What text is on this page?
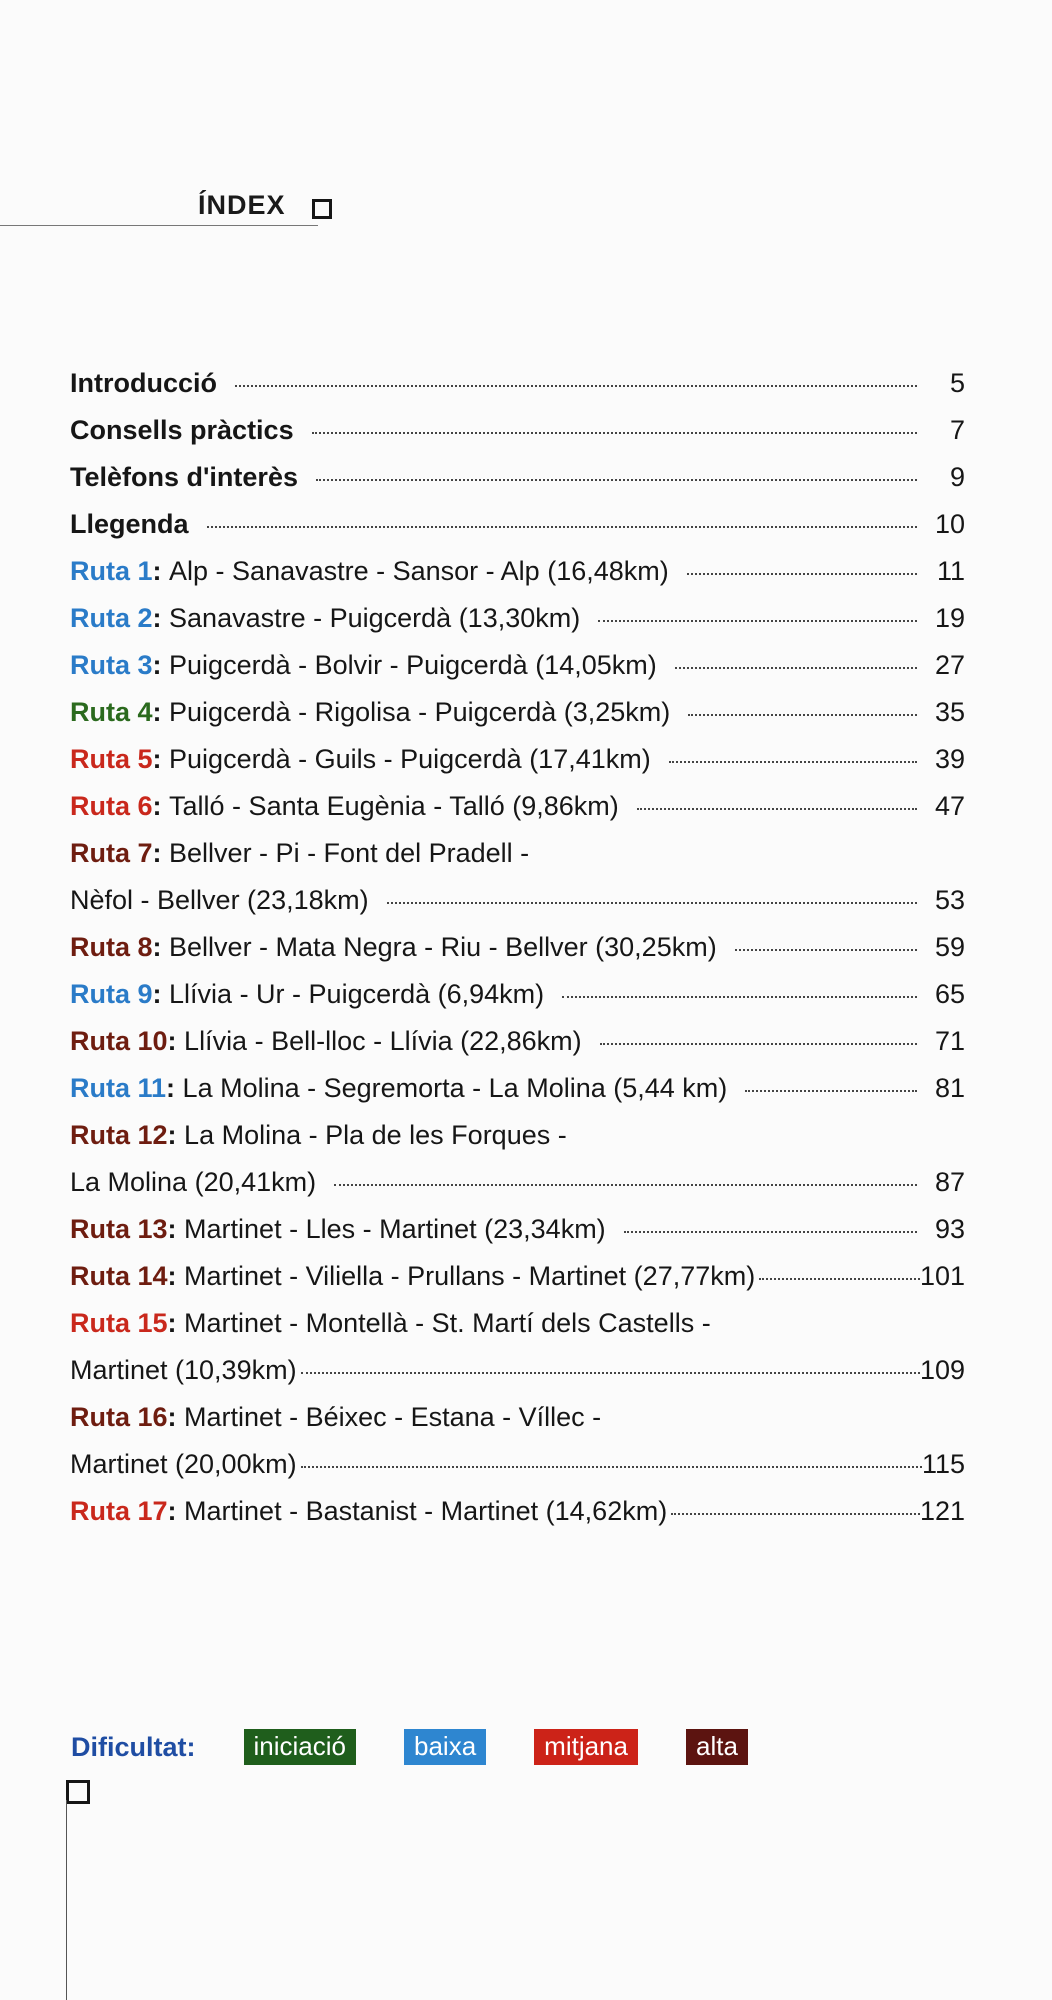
ÍNDEX
Introducció	5
Consells pràctics	7
Telèfons d'interès	9
Llegenda	10
Ruta 1 : Alp - Sanavastre - Sansor - Alp (16,48km)	11
Ruta 2 : Sanavastre - Puigcerdà (13,30km)	19
Ruta 3 : Puigcerdà - Bolvir - Puigcerdà (14,05km)	27
Ruta 4 : Puigcerdà - Rigolisa - Puigcerdà (3,25km)	35
Ruta 5 : Puigcerdà - Guils - Puigcerdà (17,41km)	39
Ruta 6 : Talló - Santa Eugènia - Talló (9,86km)	47
Ruta 7 : Bellver - Pi - Font del Pradell -
Nèfol - Bellver (23,18km)	53
Ruta 8 : Bellver - Mata Negra - Riu - Bellver (30,25km)	59
Ruta 9 : Llívia - Ur - Puigcerdà (6,94km)	65
Ruta 10 : Llívia - Bell-lloc - Llívia (22,86km)	71
Ruta 11 : La Molina - Segremorta - La Molina (5,44 km)	81
Ruta 12 : La Molina - Pla de les Forques -
La Molina (20,41km)	87
Ruta 13 : Martinet - Lles - Martinet (23,34km)	93
Ruta 14 : Martinet - Viliella - Prullans - Martinet (27,77km)	101
Ruta 15 : Martinet - Montellà - St. Martí dels Castells -
Martinet (10,39km)	109
Ruta 16 : Martinet - Béixec - Estana - Víllec -
Martinet (20,00km)	115
Ruta 17 : Martinet - Bastanist - Martinet (14,62km)	121
Dificultat:	iniciació	baixa	mitjana	alta
